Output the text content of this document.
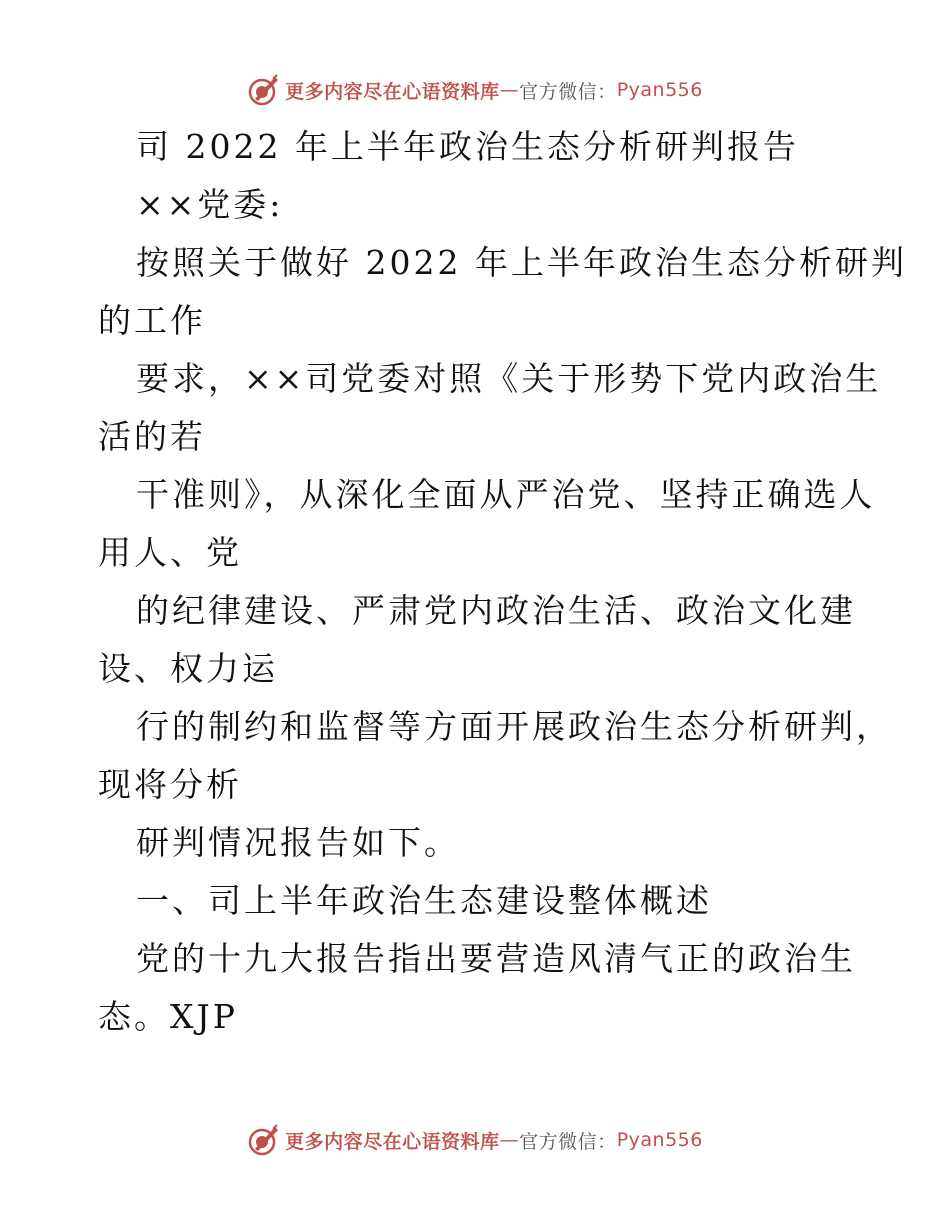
更多内容尽在心语资料库 — 官方微信： Pyan556
司 2022 年上半年政治生态分析研判报告
××党委:
按照关于做好 2022 年上半年政治生态分析研判
的工作
要求，××司党委对照《关于形势下党内政治生
活的若
干准则》，从深化全面从严治党、坚持正确选人
用人、党
的纪律建设、严肃党内政治生活、政治文化建
设、权力运
行的制约和监督等方面开展政治生态分析研判，
现将分析
研判情况报告如下。
一、司上半年政治生态建设整体概述
党的十九大报告指出要营造风清气正的政治生
态。XJP
更多内容尽在心语资料库 — 官方微信： Pyan556
